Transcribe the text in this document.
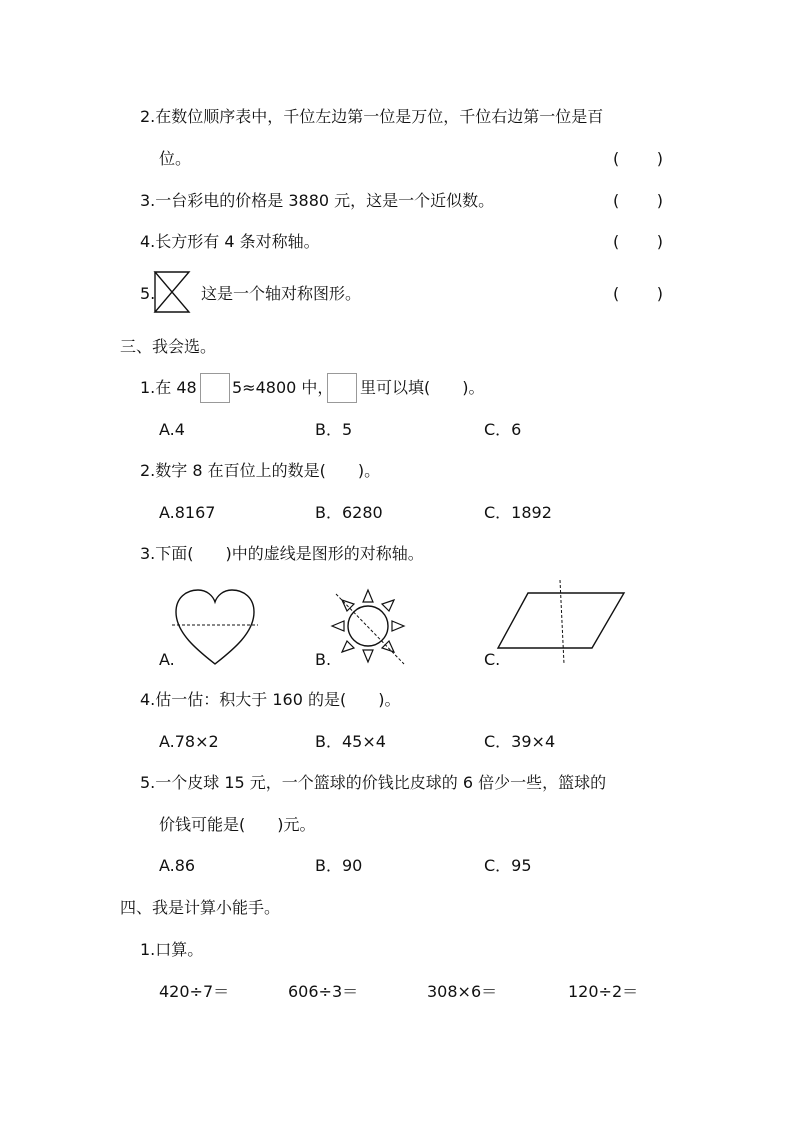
2.在数位顺序表中，千位左边第一位是万位，千位右边第一位是百
位。	( )
3.一台彩电的价格是 3880 元，这是一个近似数。	( )
4.长方形有 4 条对称轴。	( )
5.	这是一个轴对称图形。	( )
三、我会选。
1.在 48 5≈4800 中， 里可以填(　　)。
A.4	B．5	C．6
2.数字 8 在百位上的数是(　　)。
A.8167	B．6280	C．1892
3.下面(　　)中的虚线是图形的对称轴。
A.	B.	C.
4.估一估：积大于 160 的是(　　)。
A.78×2	B．45×4	C．39×4
5.一个皮球 15 元，一个篮球的价钱比皮球的 6 倍少一些，篮球的
价钱可能是(　　)元。
A.86	B．90	C．95
四、我是计算小能手。
1.口算。
420÷7＝	606÷3＝	308×6＝	120÷2＝
